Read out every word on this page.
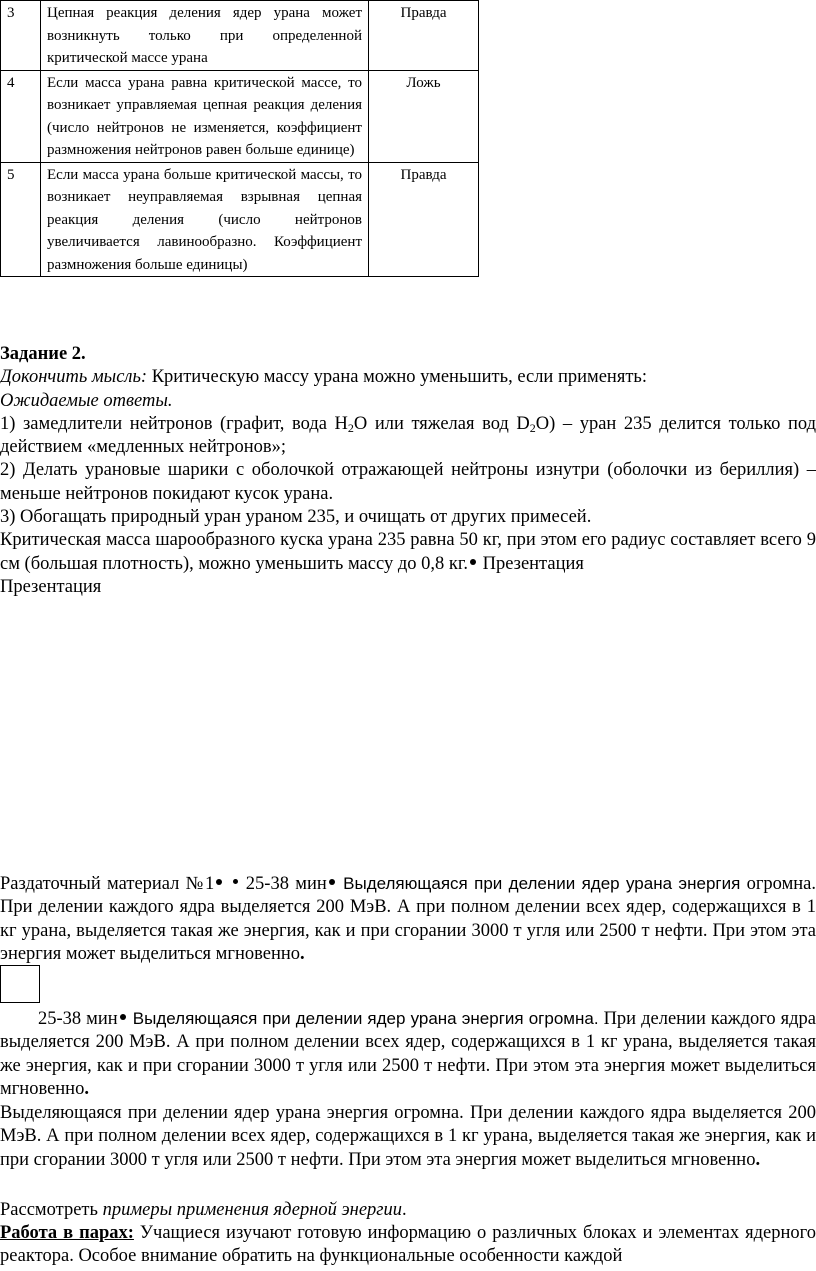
3	Цепная реакция деления ядер урана может возникнуть только при определенной критической массе урана	Правда
4	Если масса урана равна критической массе, то возникает управляемая цепная реакция деления (число нейтронов не изменяется, коэффициент размножения нейтронов равен больше единице)	Ложь
5	Если масса урана больше критической массы, то возникает неуправляемая взрывная цепная реакция деления (число нейтронов увеличивается лавинообразно. Коэффициент размножения больше единицы)	Правда
Задание 2.
Докончить мысль: Критическую массу урана можно уменьшить, если применять:
Ожидаемые ответы.
1) замедлители нейтронов (графит, вода $H_2O$ или тяжелая вод $D_2O$) – уран 235 делится только под действием «медленных нейтронов»;
2) Делать урановые шарики с оболочкой отражающей нейтроны изнутри (оболочки из бериллия) – меньше нейтронов покидают кусок урана.
3) Обогащать природный уран ураном 235, и очищать от других примесей.
Критическая масса шарообразного куска урана 235 равна 50 кг, при этом его радиус составляет всего 9 см (большая плотность), можно уменьшить массу до 0,8 кг. Презентация
Презентация
Раздаточный материал №1  25-38 мин Выделяющаяся при делении ядер урана энергия огромна. При делении каждого ядра выделяется 200 МэВ. А при полном делении всех ядер, содержащихся в 1 кг урана, выделяется такая же энергия, как и при сгорании 3000 т угля или 2500 т нефти. При этом эта энергия может выделиться мгновенно.
25-38 мин Выделяющаяся при делении ядер урана энергия огромна. При делении каждого ядра выделяется 200 МэВ. А при полном делении всех ядер, содержащихся в 1 кг урана, выделяется такая же энергия, как и при сгорании 3000 т угля или 2500 т нефти. При этом эта энергия может выделиться мгновенно.
Выделяющаяся при делении ядер урана энергия огромна. При делении каждого ядра выделяется 200 МэВ. А при полном делении всех ядер, содержащихся в 1 кг урана, выделяется такая же энергия, как и при сгорании 3000 т угля или 2500 т нефти. При этом эта энергия может выделиться мгновенно.
Рассмотреть примеры применения ядерной энергии.
Работа в парах: Учащиеся изучают готовую информацию о различных блоках и элементах ядерного реактора. Особое внимание обратить на функциональные особенности каждой
